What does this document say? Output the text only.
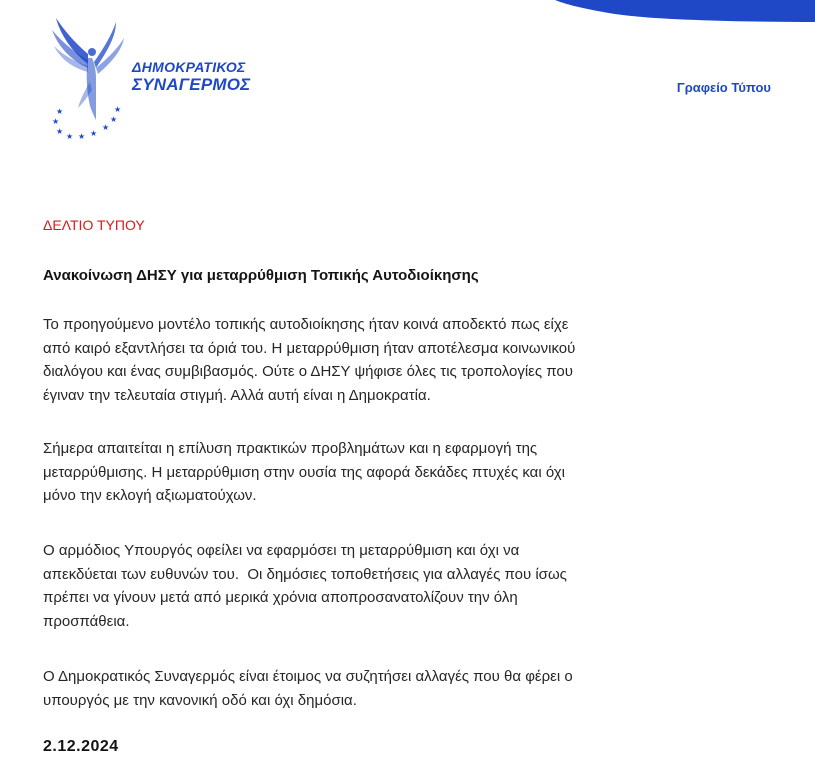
★
★
★
★ ★ ★
★
★
★
ΔΗΜΟΚΡΑΤΙΚΟΣ
ΣΥΝΑΓΕΡΜΟΣ	Γραφείο Τύπου
ΔΕΛΤΙΟ ΤΥΠΟΥ
Ανακοίνωση ΔΗΣΥ για μεταρρύθμιση Τοπικής Αυτοδιοίκησης

Το προηγούμενο μοντέλο τοπικής αυτοδιοίκησης ήταν κοινά αποδεκτό πως είχε
από καιρό εξαντλήσει τα όριά του. Η μεταρρύθμιση ήταν αποτέλεσμα κοινωνικού
διαλόγου και ένας συμβιβασμός. Ούτε ο ΔΗΣΥ ψήφισε όλες τις τροπολογίες που
έγιναν την τελευταία στιγμή. Αλλά αυτή είναι η Δημοκρατία.

Σήμερα απαιτείται η επίλυση πρακτικών προβλημάτων και η εφαρμογή της
μεταρρύθμισης. Η μεταρρύθμιση στην ουσία της αφορά δεκάδες πτυχές και όχι
μόνο την εκλογή αξιωματούχων.

Ο αρμόδιος Υπουργός οφείλει να εφαρμόσει τη μεταρρύθμιση και όχι να
απεκδύεται των ευθυνών του.  Οι δημόσιες τοποθετήσεις για αλλαγές που ίσως
πρέπει να γίνουν μετά από μερικά χρόνια αποπροσανατολίζουν την όλη
προσπάθεια.

Ο Δημοκρατικός Συναγερμός είναι έτοιμος να συζητήσει αλλαγές που θα φέρει ο
υπουργός με την κανονική οδό και όχι δημόσια.

2.12.2024
